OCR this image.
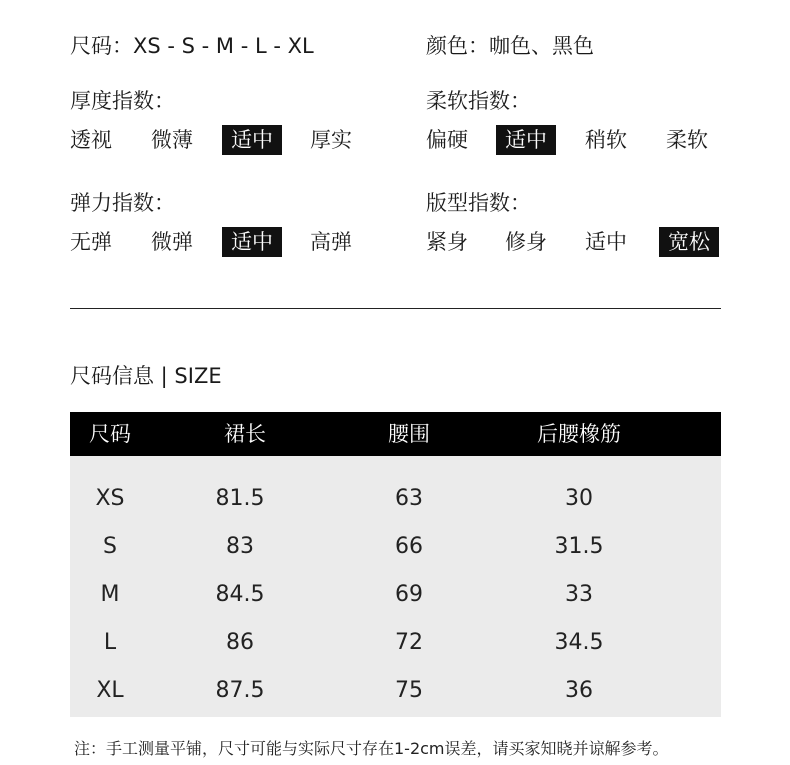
尺码：XS - S - M - L - XL	颜色：咖色、黑色
厚度指数：
透视 微薄	适中	厚实
柔软指数：
偏硬	适中	稍软 柔软
弹力指数：
无弹 微弹	适中	高弹
版型指数：
紧身 修身 适中	宽松
尺码信息 | SIZE
尺码	裙长	腰围	后腰橡筋
XS	81.5	63	30
S	83	66	31.5
M	84.5	69	33
L	86	72	34.5
XL	87.5	75	36
注：手工测量平铺，尺寸可能与实际尺寸存在1-2cm误差，请买家知晓并谅解参考。
